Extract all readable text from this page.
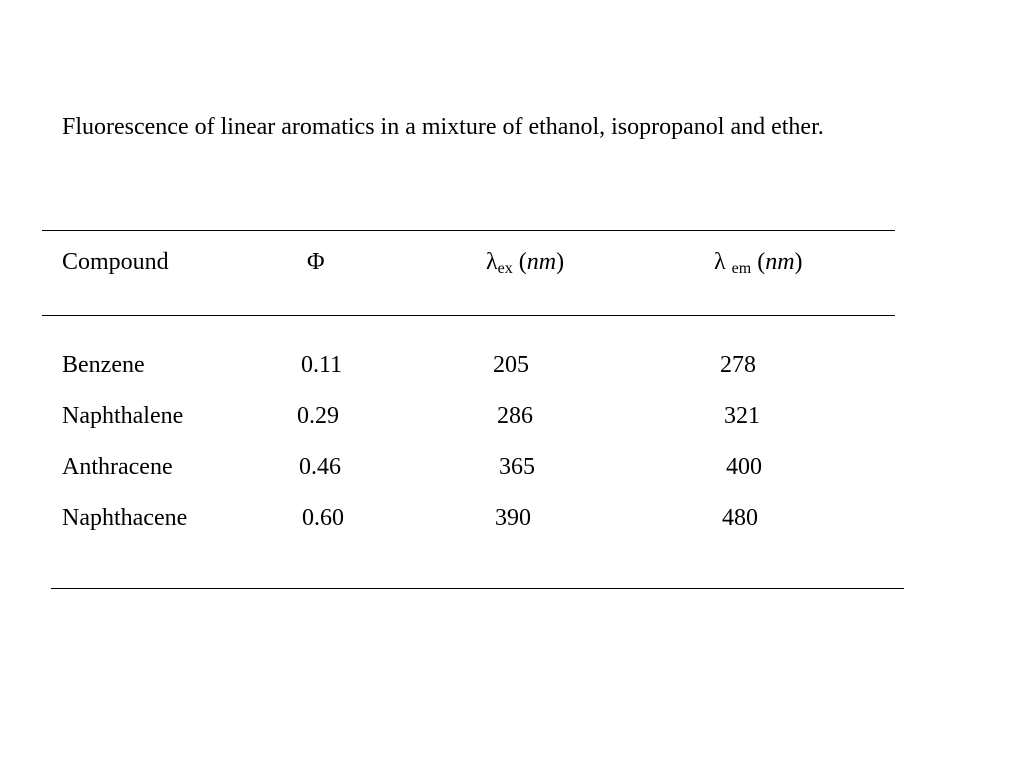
Fluorescence of linear aromatics in a mixture of ethanol, isopropanol and ether.

Compound	Φ	$\lambda_{ex}$ (nm)	λ $_{em}$ (nm)
Benzene	0.11	205	278
Naphthalene	0.29	286	321
Anthracene	0.46	365	400
Naphthacene	0.60	390	480
